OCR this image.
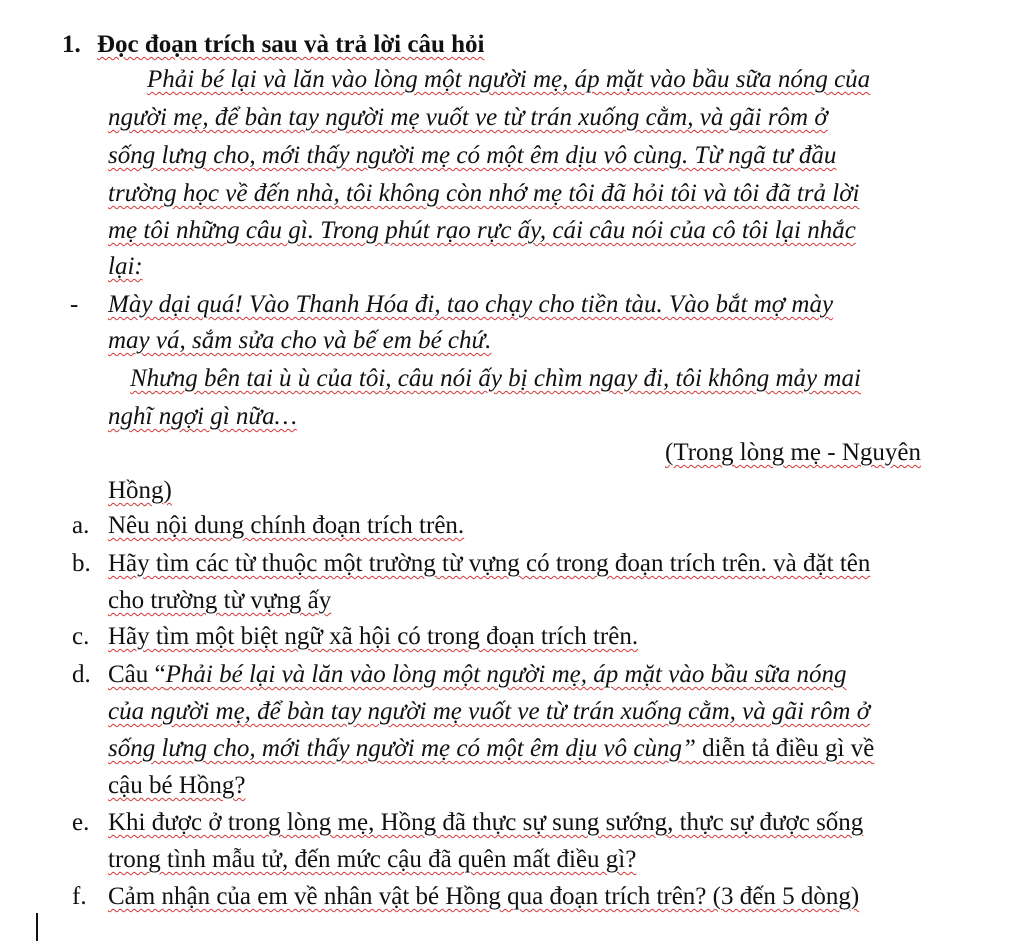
1. Đọc đoạn trích sau và trả lời câu hỏi
Phải bé lại và lăn vào lòng một người mẹ, áp mặt vào bầu sữa nóng của
người mẹ, để bàn tay người mẹ vuốt ve từ trán xuống cằm, và gãi rôm ở
sống lưng cho, mới thấy người mẹ có một êm dịu vô cùng. Từ ngã tư đầu
trường học về đến nhà, tôi không còn nhớ mẹ tôi đã hỏi tôi và tôi đã trả lời
mẹ tôi những câu gì. Trong phút rạo rực ấy, cái câu nói của cô tôi lại nhắc
lại:
- Mày dại quá! Vào Thanh Hóa đi, tao chạy cho tiền tàu. Vào bắt mợ mày
may vá, sắm sửa cho và bế em bé chứ.
Nhưng bên tai ù ù của tôi, câu nói ấy bị chìm ngay đi, tôi không mảy mai
nghĩ ngợi gì nữa…
(Trong lòng mẹ - Nguyên
Hồng)
a. Nêu nội dung chính đoạn trích trên.
b. Hãy tìm các từ thuộc một trường từ vựng có trong đoạn trích trên. và đặt tên
cho trường từ vựng ấy
c. Hãy tìm một biệt ngữ xã hội có trong đoạn trích trên.
d. Câu “Phải bé lại và lăn vào lòng một người mẹ, áp mặt vào bầu sữa nóng
của người mẹ, để bàn tay người mẹ vuốt ve từ trán xuống cằm, và gãi rôm ở
sống lưng cho, mới thấy người mẹ có một êm dịu vô cùng” diễn tả điều gì về
cậu bé Hồng?
e. Khi được ở trong lòng mẹ, Hồng đã thực sự sung sướng, thực sự được sống
trong tình mẫu tử, đến mức cậu đã quên mất điều gì?
f. Cảm nhận của em về nhân vật bé Hồng qua đoạn trích trên? (3 đến 5 dòng)
